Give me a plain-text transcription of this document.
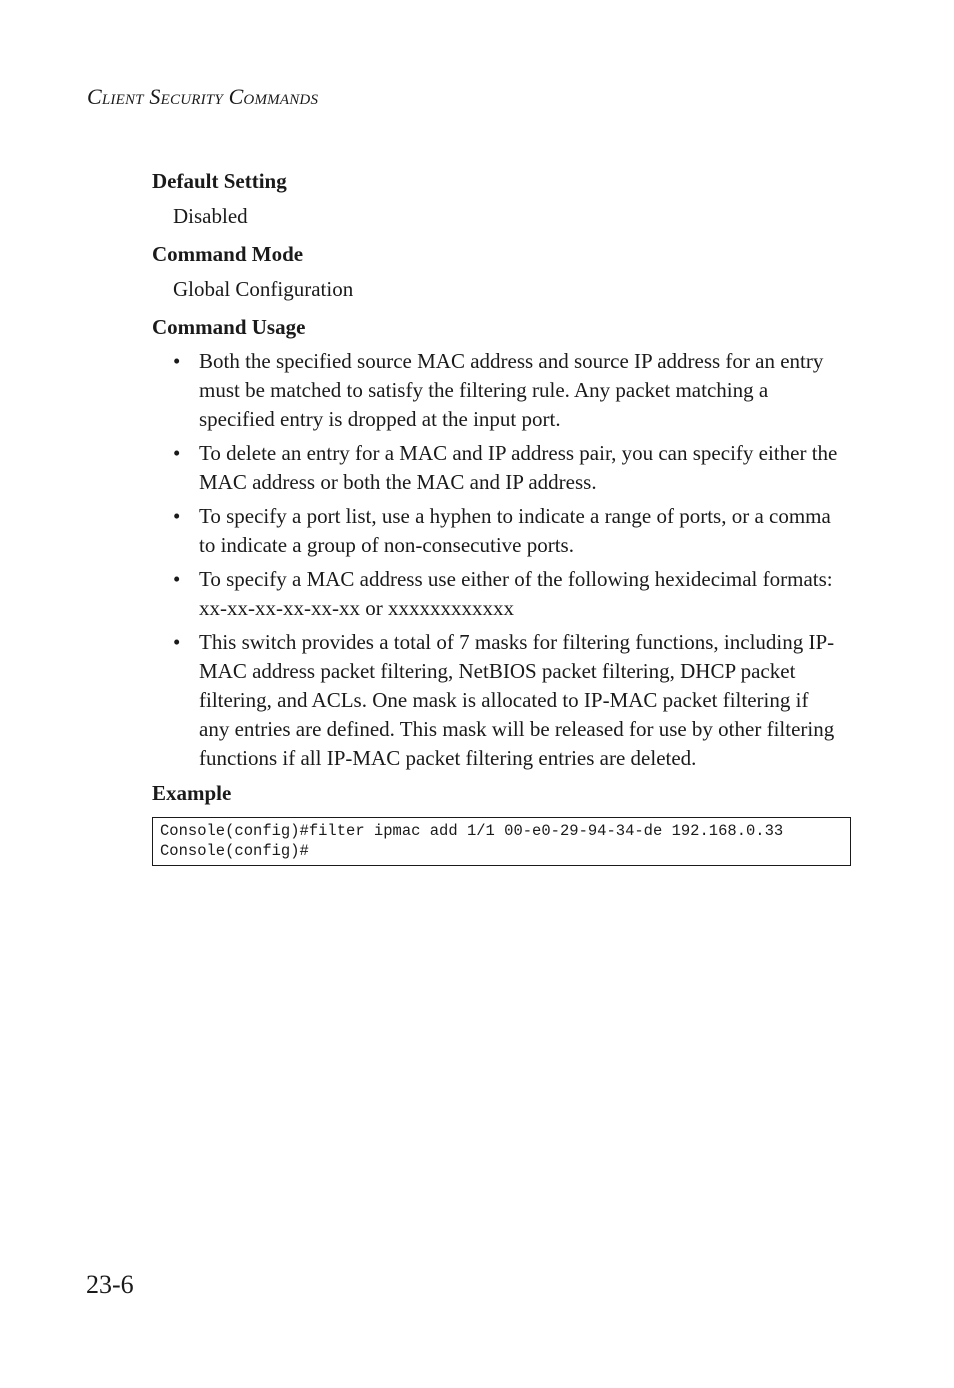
Client Security Commands
Default Setting
Disabled
Command Mode
Global Configuration
Command Usage
• Both the specified source MAC address and source IP address for an entry must be matched to satisfy the filtering rule. Any packet matching a specified entry is dropped at the input port.
• To delete an entry for a MAC and IP address pair, you can specify either the MAC address or both the MAC and IP address.
• To specify a port list, use a hyphen to indicate a range of ports, or a comma to indicate a group of non-consecutive ports.
• To specify a MAC address use either of the following hexidecimal formats: xx-xx-xx-xx-xx-xx or xxxxxxxxxxxx
• This switch provides a total of 7 masks for filtering functions, including IP-MAC address packet filtering, NetBIOS packet filtering, DHCP packet filtering, and ACLs. One mask is allocated to IP-MAC packet filtering if any entries are defined. This mask will be released for use by other filtering functions if all IP-MAC packet filtering entries are deleted.
Example
Console(config)#filter ipmac add 1/1 00-e0-29-94-34-de 192.168.0.33
Console(config)#
23-6
